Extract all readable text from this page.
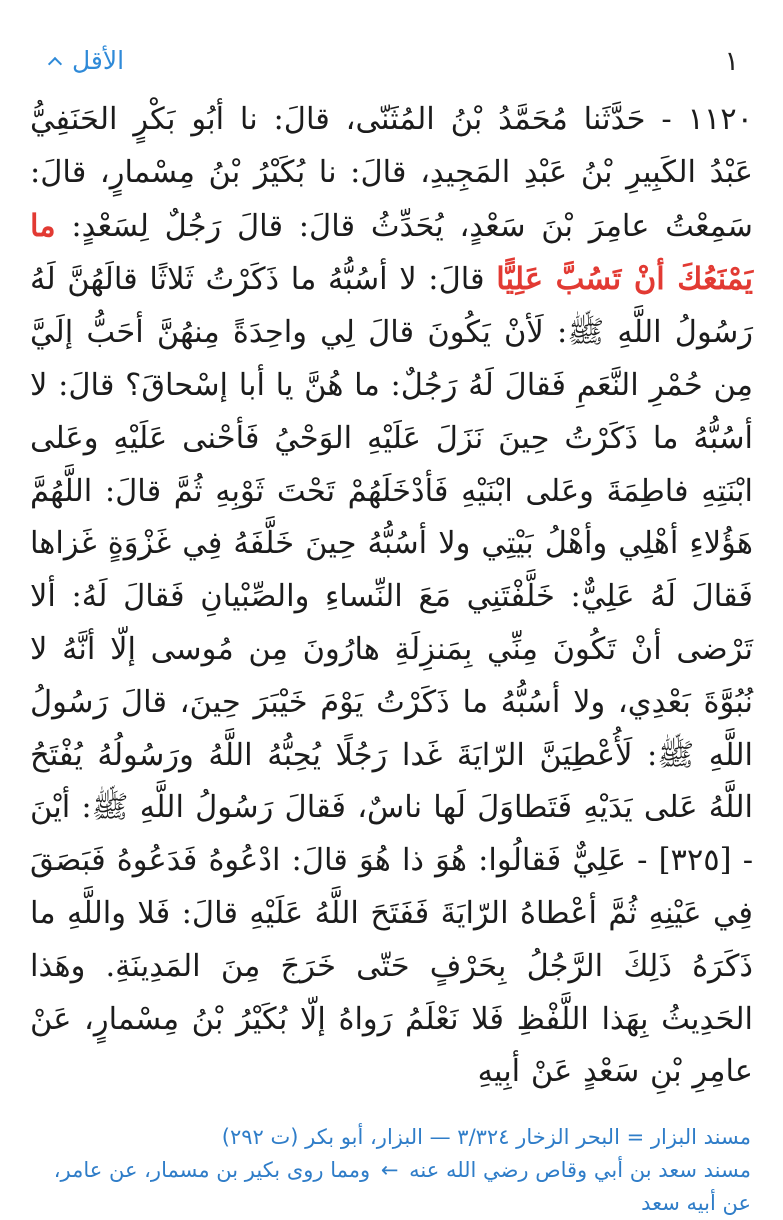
١
الأقل
١١٢٠ - حَدَّثَنا مُحَمَّدُ بْنُ المُثَنّى، قالَ: نا أبُو بَكْرٍ الحَنَفِيُّ عَبْدُ الكَبِيرِ بْنُ عَبْدِ المَجِيدِ، قالَ: نا بُكَيْرُ بْنُ مِسْمارٍ، قالَ: سَمِعْتُ عامِرَ بْنَ سَعْدٍ، يُحَدِّثُ قالَ: قالَ رَجُلٌ لِسَعْدٍ: ما يَمْنَعُكَ أنْ تَسُبَّ عَلِيًّا قالَ: لا أسُبُّهُ ما ذَكَرْتُ ثَلاثًا قالَهُنَّ لَهُ رَسُولُ اللَّهِ ﷺ: لَأنْ يَكُونَ قالَ لِي واحِدَةً مِنهُنَّ أحَبُّ إلَيَّ مِن حُمْرِ النَّعَمِ فَقالَ لَهُ رَجُلٌ: ما هُنَّ يا أبا إسْحاقَ؟ قالَ: لا أسُبُّهُ ما ذَكَرْتُ حِينَ نَزَلَ عَلَيْهِ الوَحْيُ فَأحْنى عَلَيْهِ وعَلى ابْنَتِهِ فاطِمَةَ وعَلى ابْنَيْهِ فَأدْخَلَهُمْ تَحْتَ ثَوْبِهِ ثُمَّ قالَ: اللَّهُمَّ هَؤُلاءِ أهْلِي وأهْلُ بَيْتِي ولا أسُبُّهُ حِينَ خَلَّفَهُ فِي غَزْوَةٍ غَزاها فَقالَ لَهُ عَلِيٌّ: خَلَّفْتَنِي مَعَ النِّساءِ والصِّبْيانِ فَقالَ لَهُ: ألا تَرْضى أنْ تَكُونَ مِنِّي بِمَنزِلَةِ هارُونَ مِن مُوسى إلّا أنَّهُ لا نُبُوَّةَ بَعْدِي، ولا أسُبُّهُ ما ذَكَرْتُ يَوْمَ خَيْبَرَ حِينَ، قالَ رَسُولُ اللَّهِ ﷺ: لَأُعْطِيَنَّ الرّايَةَ غَدا رَجُلًا يُحِبُّهُ اللَّهُ ورَسُولُهُ يُفْتَحُ اللَّهُ عَلى يَدَيْهِ فَتَطاوَلَ لَها ناسٌ، فَقالَ رَسُولُ اللَّهِ ﷺ: أيْنَ - [٣٢٥] - عَلِيٌّ فَقالُوا: هُوَ ذا هُوَ قالَ: ادْعُوهُ فَدَعُوهُ فَبَصَقَ فِي عَيْنِهِ ثُمَّ أعْطاهُ الرّايَةَ فَفَتَحَ اللَّهُ عَلَيْهِ قالَ: فَلا واللَّهِ ما ذَكَرَهُ ذَلِكَ الرَّجُلُ بِحَرْفٍ حَتّى خَرَجَ مِنَ المَدِينَةِ. وهَذا الحَدِيثُ بِهَذا اللَّفْظِ فَلا نَعْلَمُ رَواهُ إلّا بُكَيْرُ بْنُ مِسْمارٍ، عَنْ عامِرِ بْنِ سَعْدٍ عَنْ أبِيهِ
مسند البزار = البحر الزخار ٣/٣٢٤ — البزار، أبو بكر (ت ٢٩٢)
مسند سعد بن أبي وقاص رضي الله عنه ← ومما روى بكير بن مسمار، عن عامر، عن أبيه سعد
